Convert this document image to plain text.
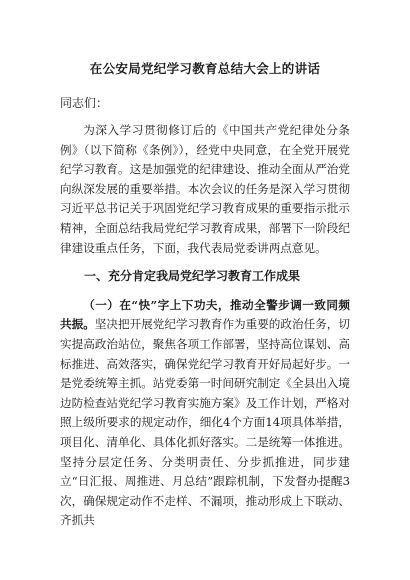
在公安局党纪学习教育总结大会上的讲话
同志们：

为深入学习贯彻修订后的《中国共产党纪律处分条例》（以下简称《条例》），经党中央同意，在全党开展党纪学习教育。这是加强党的纪律建设、推动全面从严治党向纵深发展的重要举措。本次会议的任务是深入学习贯彻习近平总书记关于巩固党纪学习教育成果的重要指示批示精神，全面总结我局党纪学习教育成果，部署下一阶段纪律建设重点任务，下面，我代表局党委讲两点意见。

一、充分肯定我局党纪学习教育工作成果

（一）在“快”字上下功夫，推动全警步调一致同频共振。坚决把开展党纪学习教育作为重要的政治任务，切实提高政治站位，聚焦各项工作部署，坚持高位谋划、高标推进、高效落实，确保党纪学习教育开好局起好步。一是党委统筹主抓。站党委第一时间研究制定《全县出入境边防检查站党纪学习教育实施方案》及工作计划，严格对照上级所要求的规定动作，细化4个方面14项具体举措，项目化、清单化、具体化抓好落实。二是统筹一体推进。坚持分层定任务、分类明责任、分步抓推进，同步建立“日汇报、周推进、月总结”跟踪机制，下发督办提醒3次，确保规定动作不走样、不漏项，推动形成上下联动、齐抓共
